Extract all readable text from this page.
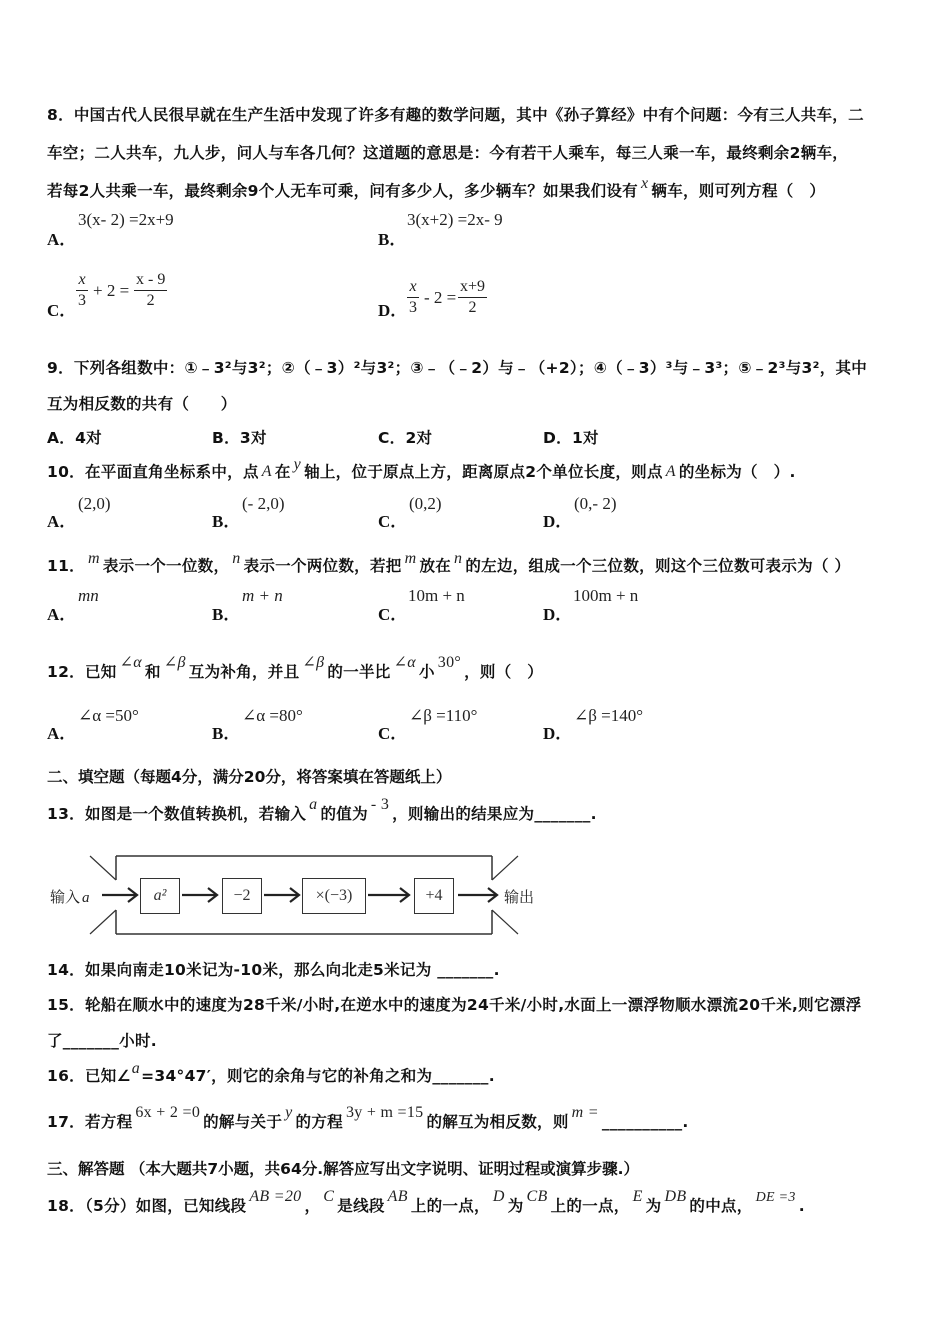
8．中国古代人民很早就在生产生活中发现了许多有趣的数学问题，其中《孙子算经》中有个问题：今有三人共车，二
车空；二人共车，九人步，问人与车各几何？这道题的意思是：今有若干人乘车，每三人乘一车，最终剩余2辆车，
若每2人共乘一车，最终剩余9个人无车可乘，问有多少人，多少辆车？如果我们设有 x 辆车，则可列方程（　）
A．
3(x- 2) =2x+9
B．
3(x+2) =2x- 9
C．
x
3
+ 2 =
x - 9
2
D．
x
3
- 2 =
x+9
2
9．下列各组数中：①﹣3²与3²；②（﹣3）²与3²；③﹣（﹣2）与﹣（+2）；④（﹣3）³与﹣3³；⑤﹣2³与3²，其中
互为相反数的共有（　　）
A．4对	B．3对	C．2对	D．1对
10．在平面直角坐标系中，点 A 在 y 轴上，位于原点上方，距离原点2个单位长度，则点 A 的坐标为（　）.
A．
(2,0)
B．
(- 2,0)
C．
(0,2)
D．
(0,- 2)
11． m 表示一个一位数， n 表示一个两位数，若把 m 放在 n 的左边，组成一个三位数，则这个三位数可表示为（ ）
A．
mn
B．
m + n
C．
10m + n
D．
100m + n
12．已知∠α和∠β互为补角，并且∠β的一半比∠α小30°，则（　）
A．
∠α =50°
B．
∠α =80°
C．
∠β =110°
D．
∠β =140°
二、填空题（每题4分，满分20分，将答案填在答题纸上）
13．如图是一个数值转换机，若输入a的值为- 3，则输出的结果应为_______.
输入 a	a²	−2	×(−3)	+4	输出
14．如果向南走10米记为-10米，那么向北走5米记为 _______.
15．轮船在顺水中的速度为28千米/小时,在逆水中的速度为24千米/小时,水面上一漂浮物顺水漂流20千米,则它漂浮
了_______小时.
16．已知∠a=34°47′，则它的余角与它的补角之和为_______.
17．若方程6x + 2 =0的解与关于y的方程3y + m =15的解互为相反数，则m =__________.
三、解答题 （本大题共7小题，共64分.解答应写出文字说明、证明过程或演算步骤.）
18．（5分）如图，已知线段AB =20，C是线段AB上的一点，D为CB上的一点，E为DB的中点， DE =3 .
